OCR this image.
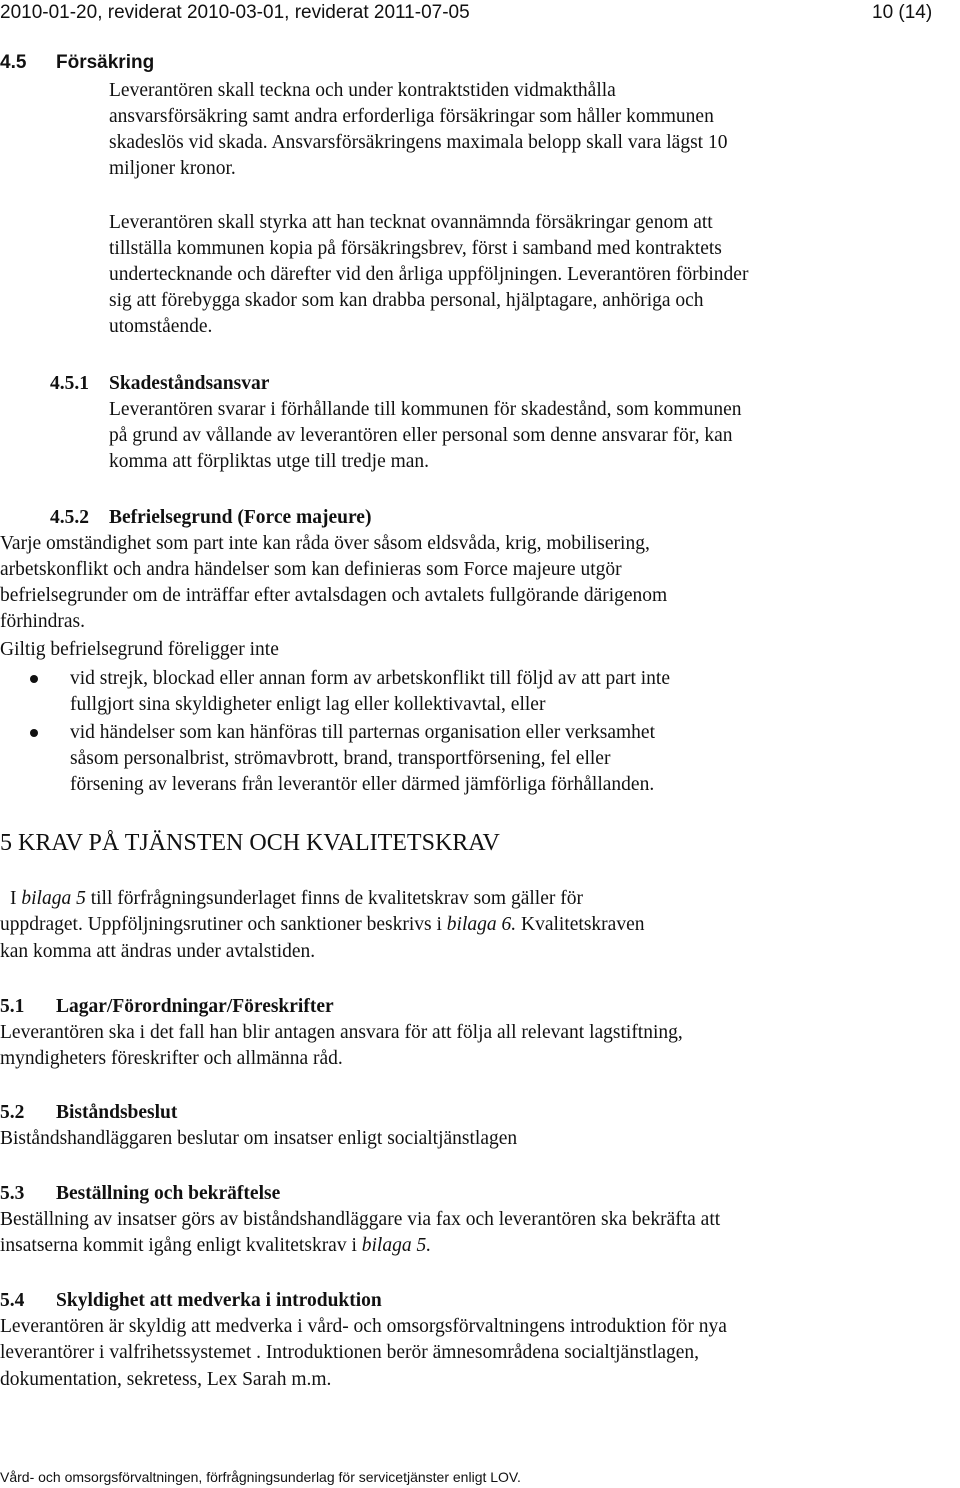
2010-01-20, reviderat 2010-03-01, reviderat 2011-07-05	10 (14)
4.5 Försäkring
Leverantören skall teckna och under kontraktstiden vidmakthålla
ansvarsförsäkring samt andra erforderliga försäkringar som håller kommunen
skadeslös vid skada. Ansvarsförsäkringens maximala belopp skall vara lägst 10
miljoner kronor.
Leverantören skall styrka att han tecknat ovannämnda försäkringar genom att
tillställa kommunen kopia på försäkringsbrev, först i samband med kontraktets
undertecknande och därefter vid den årliga uppföljningen. Leverantören förbinder
sig att förebygga skador som kan drabba personal, hjälptagare, anhöriga och
utomstående.
4.5.1 Skadeståndsansvar
Leverantören svarar i förhållande till kommunen för skadestånd, som kommunen
på grund av vållande av leverantören eller personal som denne ansvarar för, kan
komma att förpliktas utge till tredje man.
4.5.2 Befrielsegrund (Force majeure)
Varje omständighet som part inte kan råda över såsom eldsvåda, krig, mobilisering,
arbetskonflikt och andra händelser som kan definieras som Force majeure utgör
befrielsegrunder om de inträffar efter avtalsdagen och avtalets fullgörande därigenom
förhindras.
Giltig befrielsegrund föreligger inte
vid strejk, blockad eller annan form av arbetskonflikt till följd av att part inte
fullgjort sina skyldigheter enligt lag eller kollektivavtal, eller
vid händelser som kan hänföras till parternas organisation eller verksamhet
såsom personalbrist, strömavbrott, brand, transportförsening, fel eller
försening av leverans från leverantör eller därmed jämförliga förhållanden.
5 KRAV PÅ TJÄNSTEN OCH KVALITETSKRAV
I bilaga 5 till förfrågningsunderlaget finns de kvalitetskrav som gäller för
uppdraget. Uppföljningsrutiner och sanktioner beskrivs i bilaga 6. Kvalitetskraven
kan komma att ändras under avtalstiden.
5.1 Lagar/Förordningar/Föreskrifter
Leverantören ska i det fall han blir antagen ansvara för att följa all relevant lagstiftning,
myndigheters föreskrifter och allmänna råd.
5.2 Biståndsbeslut
Biståndshandläggaren beslutar om insatser enligt socialtjänstlagen
5.3 Beställning och bekräftelse
Beställning av insatser görs av biståndshandläggare via fax och leverantören ska bekräfta att
insatserna kommit igång enligt kvalitetskrav i bilaga 5.
5.4 Skyldighet att medverka i introduktion
Leverantören är skyldig att medverka i vård- och omsorgsförvaltningens introduktion för nya
leverantörer i valfrihetssystemet . Introduktionen berör ämnesområdena socialtjänstlagen,
dokumentation, sekretess, Lex Sarah m.m.
Vård- och omsorgsförvaltningen, förfrågningsunderlag för servicetjänster enligt LOV.
